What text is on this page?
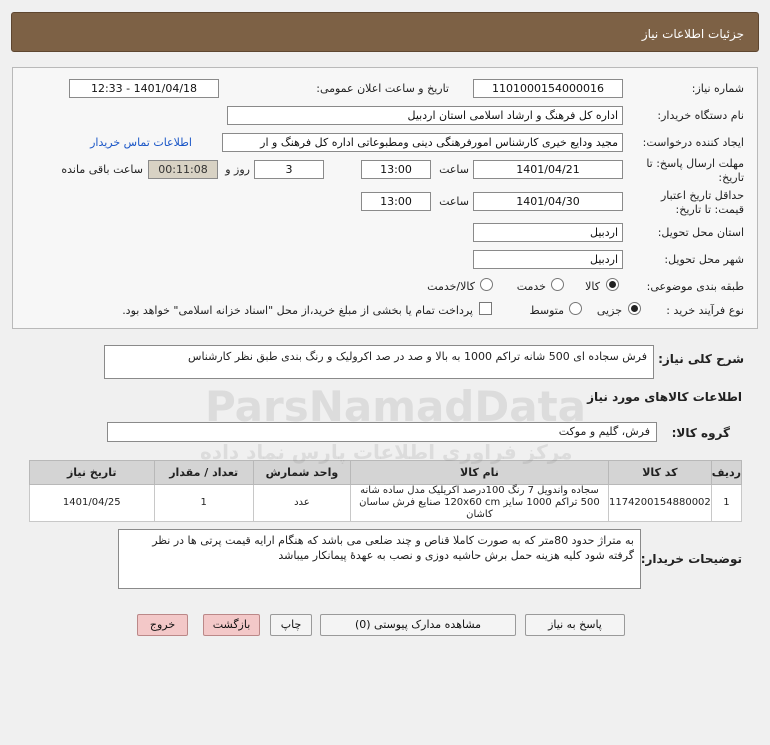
جزئیات اطلاعات نیاز
شماره نیاز:
1101000154000016
تاریخ و ساعت اعلان عمومی:
1401/04/18 - 12:33
نام دستگاه خریدار:
اداره کل فرهنگ و ارشاد اسلامی استان اردبیل
ایجاد کننده درخواست:
مجید ودایع خیری کارشناس امورفرهنگی دینی ومطبوعاتی اداره کل فرهنگ و ار
اطلاعات تماس خریدار
مهلت ارسال پاسخ: تا
تاریخ:
1401/04/21
ساعت
13:00
3
روز و
00:11:08
ساعت باقی مانده
حداقل تاریخ اعتبار
قیمت: تا تاریخ:
1401/04/30
ساعت
13:00
استان محل تحویل:
اردبیل
شهر محل تحویل:
اردبیل
طبقه بندی موضوعی:
کالا
خدمت
کالا/خدمت
نوع فرآیند خرید :
جزیی
متوسط
پرداخت تمام یا بخشی از مبلغ خرید،از محل "اسناد خزانه اسلامی" خواهد بود.
شرح کلی نیاز:
فرش سجاده ای 500 شانه تراکم 1000 به بالا و صد در صد اکرولیک و رنگ بندی طبق نظر کارشناس
اطلاعات کالاهای مورد نیاز
گروه کالا:
فرش، گلیم و موکت
ردیف	کد کالا	نام کالا	واحد شمارش	تعداد / مقدار	تاریخ نیاز
1	1174200154880002	سجاده واندویل 7 رنگ 100درصد اکریلیک مدل ساده شانه 500 تراکم 1000 سایز 120x60 cm صنایع فرش ساسان کاشان	عدد	1	1401/04/25
توضیحات خریدار:
به متراژ حدود 80متر که به صورت کاملا قناص و چند ضلعی می باشد که هنگام ارایه قیمت پرتی ها در نظر گرفته شود کلیه هزینه حمل برش حاشیه دوزی و نصب به عهدهٔ پیمانکار میباشد
ParsNamadData
مرکز فراوری اطلاعات پارس نماد داده
پاسخ به نیاز
مشاهده مدارک پیوستی (0)
چاپ
بازگشت
خروج
